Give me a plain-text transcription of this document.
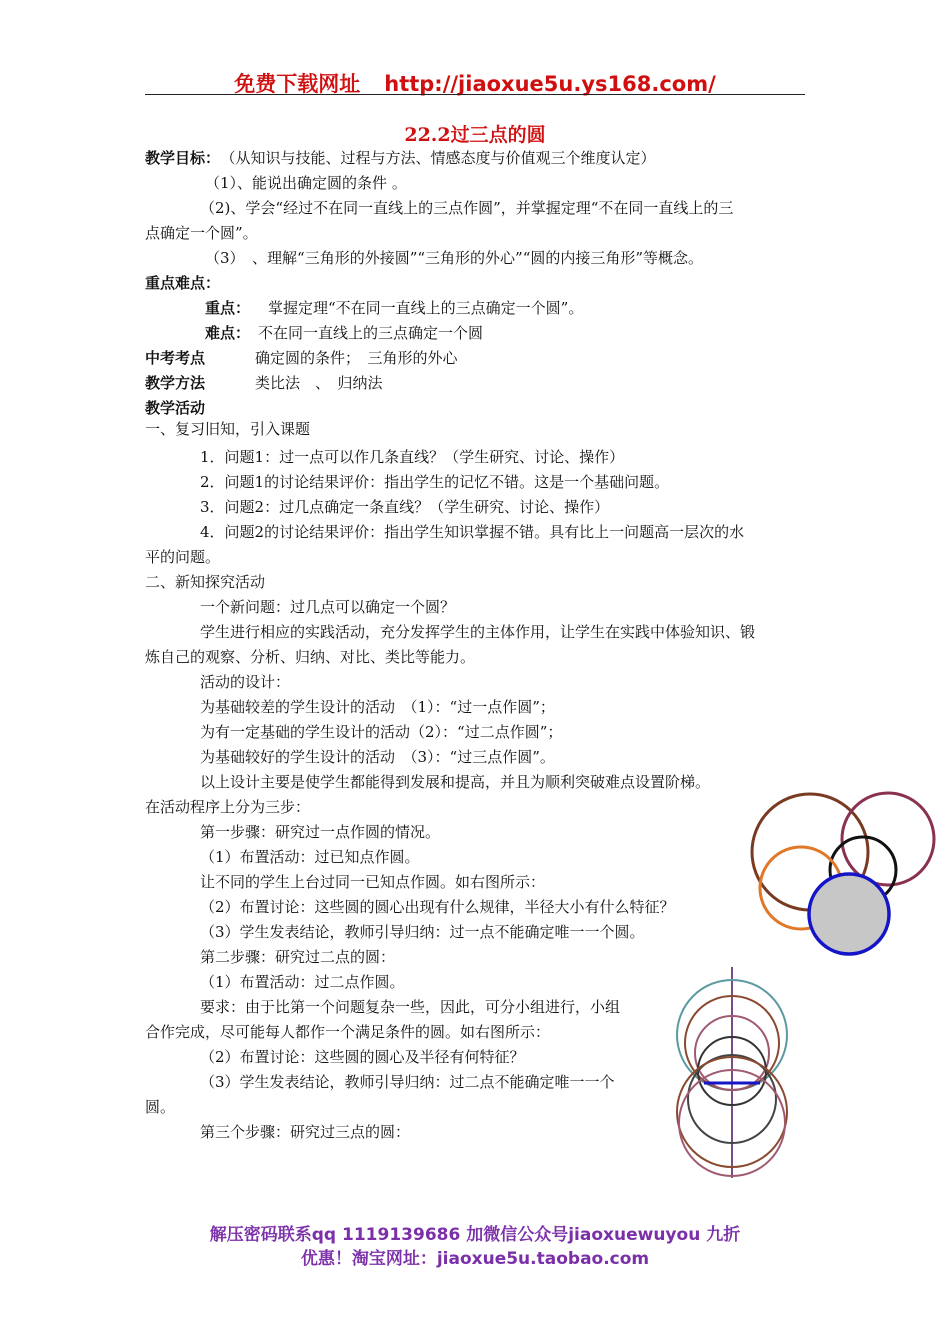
免费下载网址 http://jiaoxue5u.ys168.com/
22.2过三点的圆
教学目标： （从知识与技能、过程与方法、情感态度与价值观三个维度认定）
（1）、能说出确定圆的条件 。
（2)、学会“经过不在同一直线上的三点作圆”，并掌握定理“不在同一直线上的三
点确定一个圆”。
（3）　、理解“三角形的外接圆”“三角形的外心”“圆的内接三角形”等概念。
重点难点：
重点： 掌握定理“不在同一直线上的三点确定一个圆”。
难点： 不在同一直线上的三点确定一个圆
中考考点	确定圆的条件；　三角形的外心
教学方法	类比法　、　归纳法
教学活动
一、复习旧知，引入课题
1．问题1：过一点可以作几条直线？（学生研究、讨论、操作）
2．问题1的讨论结果评价：指出学生的记忆不错。这是一个基础问题。
3．问题2：过几点确定一条直线？（学生研究、讨论、操作）
4．问题2的讨论结果评价：指出学生知识掌握不错。具有比上一问题高一层次的水
平的问题。
二、新知探究活动
一个新问题：过几点可以确定一个圆？
学生进行相应的实践活动，充分发挥学生的主体作用，让学生在实践中体验知识、锻
炼自己的观察、分析、归纳、对比、类比等能力。
活动的设计：
为基础较差的学生设计的活动　（1）：“过一点作圆”；
为有一定基础的学生设计的活动（2）：“过二点作圆”；
为基础较好的学生设计的活动　（3）：“过三点作圆”。
以上设计主要是使学生都能得到发展和提高，并且为顺利突破难点设置阶梯。
在活动程序上分为三步：
第一步骤：研究过一点作圆的情况。
（1）布置活动：过已知点作圆。
让不同的学生上台过同一已知点作圆。如右图所示：
（2）布置讨论：这些圆的圆心出现有什么规律，半径大小有什么特征？
（3）学生发表结论，教师引导归纳：过一点不能确定唯一一个圆。
第二步骤：研究过二点的圆：
（1）布置活动：过二点作圆。
要求：由于比第一个问题复杂一些，因此，可分小组进行，小组
合作完成，尽可能每人都作一个满足条件的圆。如右图所示：
（2）布置讨论：这些圆的圆心及半径有何特征？
（3）学生发表结论，教师引导归纳：过二点不能确定唯一一个
圆。
第三个步骤：研究过三点的圆：
解压密码联系qq 1119139686 加微信公众号jiaoxuewuyou 九折
优惠！淘宝网址：jiaoxue5u.taobao.com
